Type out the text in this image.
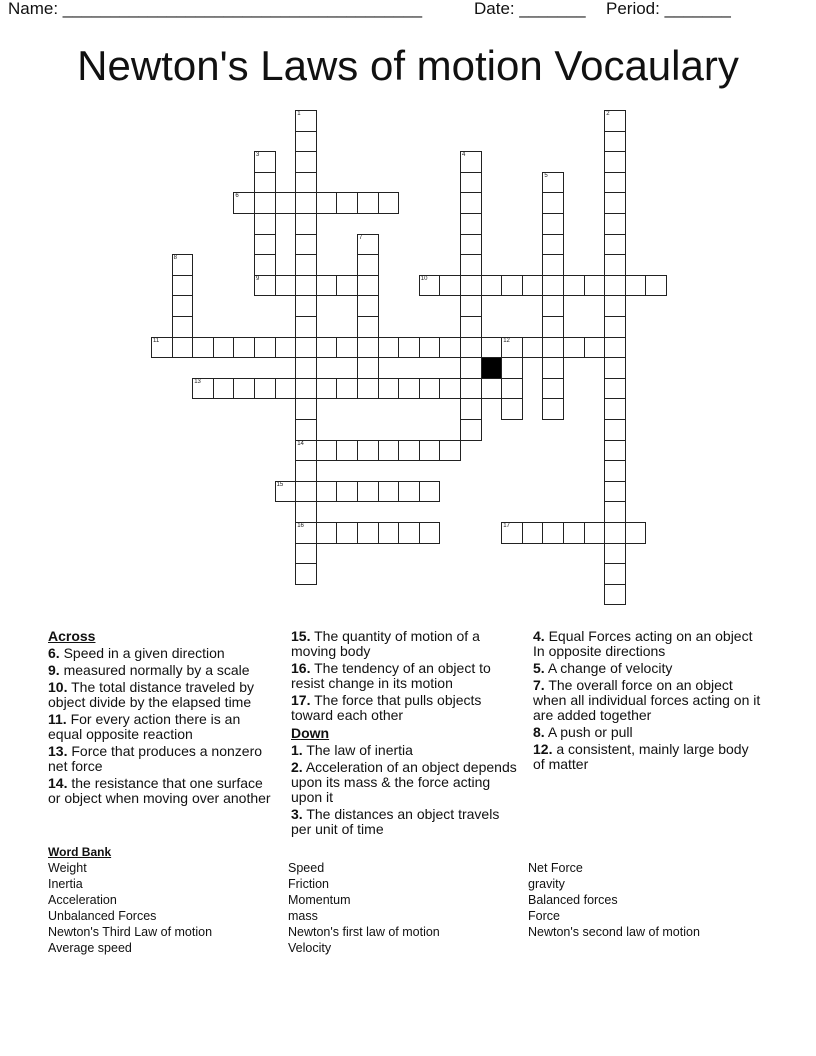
Name: ______________________________________	Date: _______ Period: _______
Newton's Laws of motion Vocaulary
6
9	10
11	12
13
14
15
16	17
1	2
3	4
5
7
8
Across
6. Speed in a given direction
9. measured normally by a scale
10. The total distance traveled by object divide by the elapsed time
11. For every action there is an equal opposite reaction
13. Force that produces a nonzero net force
14. the resistance that one surface or object when moving over another
15. The quantity of motion of a moving body
16. The tendency of an object to resist change in its motion
17. The force that pulls objects toward each other
Down
1. The law of inertia
2. Acceleration of an object depends upon its mass & the force acting upon it
3. The distances an object travels per unit of time
4. Equal Forces acting on an object In opposite directions
5. A change of velocity
7. The overall force on an object when all individual forces acting on it are added together
8. A push or pull
12. a consistent, mainly large body of matter
Word Bank
Weight
Inertia
Acceleration
Unbalanced Forces
Newton's Third Law of motion
Average speed
Speed
Friction
Momentum
mass
Newton's first law of motion
Velocity
Net Force
gravity
Balanced forces
Force
Newton's second law of motion
